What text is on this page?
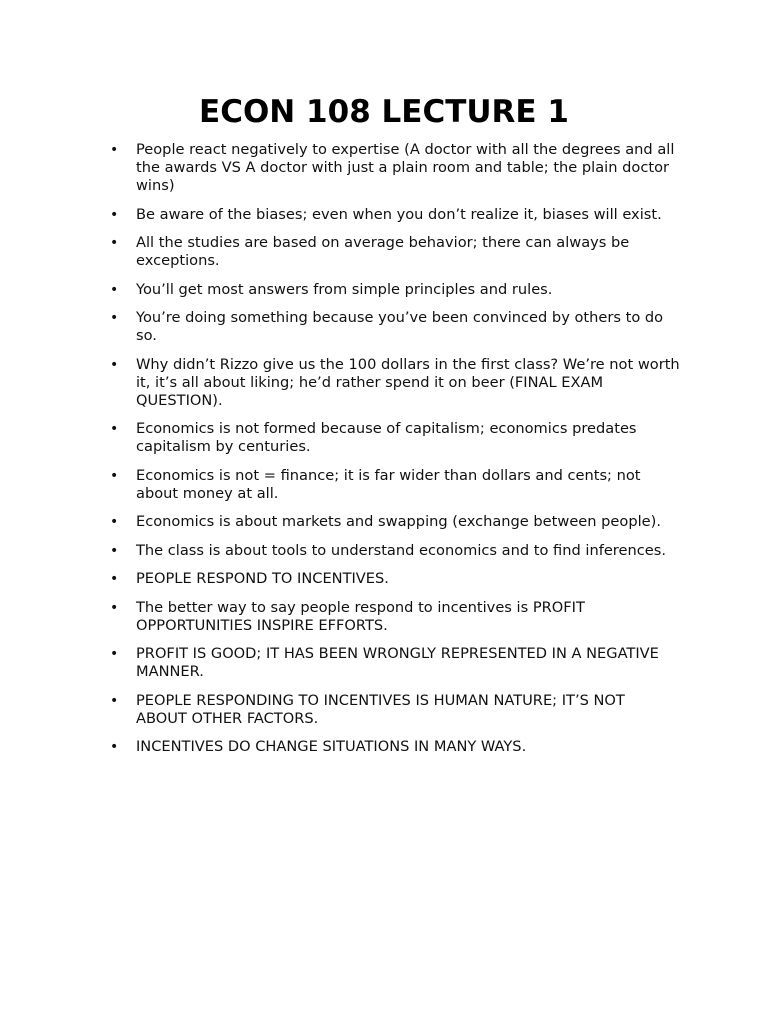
ECON 108 LECTURE 1
• People react negatively to expertise (A doctor with all the degrees and all the awards VS A doctor with just a plain room and table; the plain doctor wins)
• Be aware of the biases; even when you don’t realize it, biases will exist.
• All the studies are based on average behavior; there can always be exceptions.
• You’ll get most answers from simple principles and rules.
• You’re doing something because you’ve been convinced by others to do so.
• Why didn’t Rizzo give us the 100 dollars in the first class? We’re not worth it, it’s all about liking; he’d rather spend it on beer (FINAL EXAM QUESTION).
• Economics is not formed because of capitalism; economics predates capitalism by centuries.
• Economics is not = finance; it is far wider than dollars and cents; not about money at all.
• Economics is about markets and swapping (exchange between people).
• The class is about tools to understand economics and to find inferences.
• PEOPLE RESPOND TO INCENTIVES.
• The better way to say people respond to incentives is PROFIT OPPORTUNITIES INSPIRE EFFORTS.
• PROFIT IS GOOD; IT HAS BEEN WRONGLY REPRESENTED IN A NEGATIVE MANNER.
• PEOPLE RESPONDING TO INCENTIVES IS HUMAN NATURE; IT’S NOT ABOUT OTHER FACTORS.
• INCENTIVES DO CHANGE SITUATIONS IN MANY WAYS.
